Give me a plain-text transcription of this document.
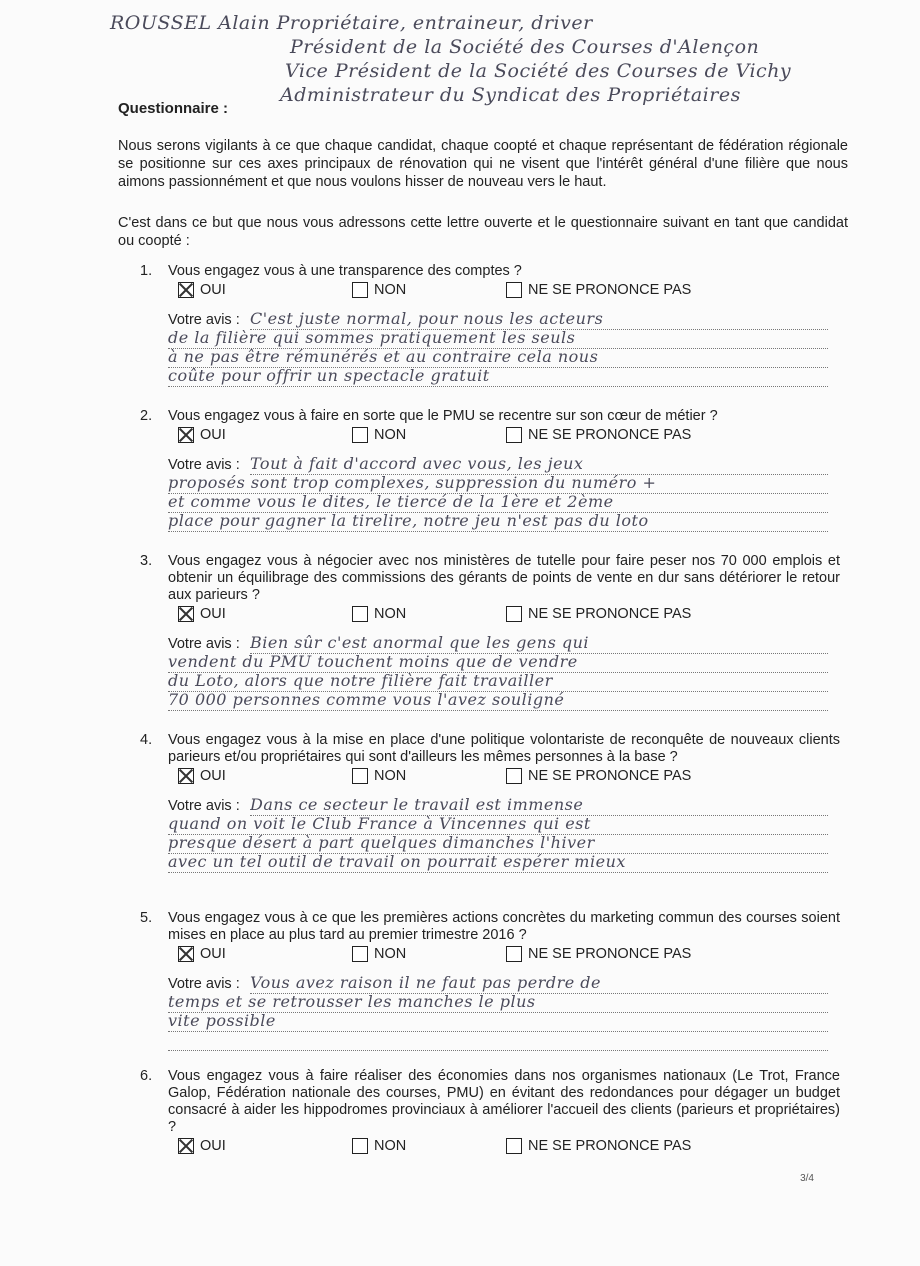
ROUSSEL Alain Propriétaire, entraineur, driver
Président de la Société des Courses d'Alençon
Vice Président de la Société des Courses de Vichy
Administrateur du Syndicat des Propriétaires
Questionnaire :
Nous serons vigilants à ce que chaque candidat, chaque coopté et chaque représentant de fédération régionale se positionne sur ces axes principaux de rénovation qui ne visent que l'intérêt général d'une filière que nous aimons passionnément et que nous voulons hisser de nouveau vers le haut.
C'est dans ce but que nous vous adressons cette lettre ouverte et le questionnaire suivant en tant que candidat ou coopté :
1. Vous engagez vous à une transparence des comptes ?
OUI	NON	NE SE PRONONCE PAS
Votre avis : C'est juste normal, pour nous les acteurs
de la filière qui sommes pratiquement les seuls
à ne pas être rémunérés et au contraire cela nous
coûte pour offrir un spectacle gratuit
2. Vous engagez vous à faire en sorte que le PMU se recentre sur son cœur de métier ?
OUI	NON	NE SE PRONONCE PAS
Votre avis : Tout à fait d'accord avec vous, les jeux
proposés sont trop complexes, suppression du numéro +
et comme vous le dites, le tiercé de la 1ère et 2ème
place pour gagner la tirelire, notre jeu n'est pas du loto
3. Vous engagez vous à négocier avec nos ministères de tutelle pour faire peser nos 70 000 emplois et obtenir un équilibrage des commissions des gérants de points de vente en dur sans détériorer le retour aux parieurs ?
OUI	NON	NE SE PRONONCE PAS
Votre avis : Bien sûr c'est anormal que les gens qui
vendent du PMU touchent moins que de vendre
du Loto, alors que notre filière fait travailler
70 000 personnes comme vous l'avez souligné
4. Vous engagez vous à la mise en place d'une politique volontariste de reconquête de nouveaux clients parieurs et/ou propriétaires qui sont d'ailleurs les mêmes personnes à la base ?
OUI	NON	NE SE PRONONCE PAS
Votre avis : Dans ce secteur le travail est immense
quand on voit le Club France à Vincennes qui est
presque désert à part quelques dimanches l'hiver
avec un tel outil de travail on pourrait espérer mieux
5. Vous engagez vous à ce que les premières actions concrètes du marketing commun des courses soient mises en place au plus tard au premier trimestre 2016 ?
OUI	NON	NE SE PRONONCE PAS
Votre avis : Vous avez raison il ne faut pas perdre de
temps et se retrousser les manches le plus
vite possible
6. Vous engagez vous à faire réaliser des économies dans nos organismes nationaux (Le Trot, France Galop, Fédération nationale des courses, PMU) en évitant des redondances pour dégager un budget consacré à aider les hippodromes provinciaux à améliorer l'accueil des clients (parieurs et propriétaires) ?
OUI	NON	NE SE PRONONCE PAS
3/4
